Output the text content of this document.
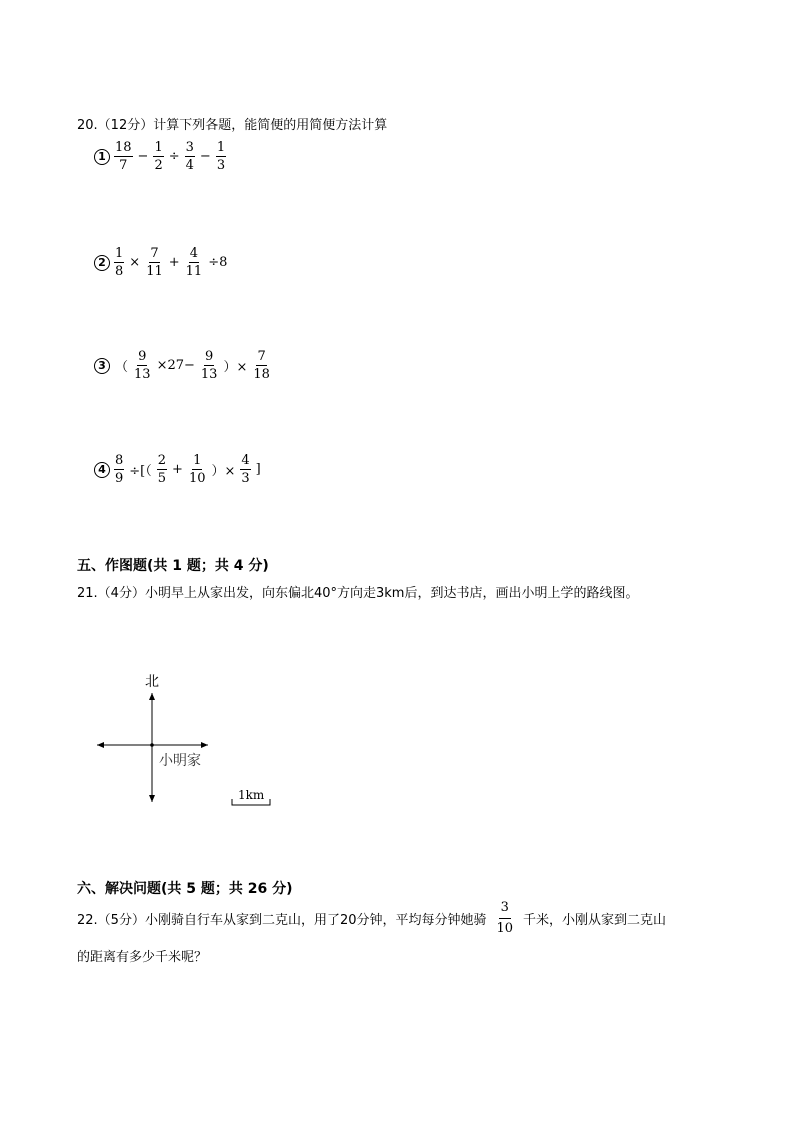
20.（12分）计算下列各题，能简便的用简便方法计算
$1 \frac{18}{7} - \frac{1}{2} \div \frac{3}{4} - \frac{1}{3}$
$2 \frac{1}{8} \times \frac{7}{11} + \frac{4}{11} \div 8$
3 （ $\frac{9}{13} \times 27- \frac{9}{13}$ ）× $\frac{7}{18}$
$4 \frac{8}{9}$ ÷[（ $\frac{2}{5} + \frac{1}{10}$ ）× $\frac{4}{3}$ ]
五、作图题(共 1 题；共 4 分)
21.（4分）小明早上从家出发，向东偏北40°方向走3km后，到达书店，画出小明上学的路线图。
北
小明家
1km
六、解决问题(共 5 题；共 26 分)
22.（5分）小刚骑自行车从家到二克山，用了20分钟，平均每分钟她骑 $\frac{3}{10}$ 千米，小刚从家到二克山
的距离有多少千米呢？
